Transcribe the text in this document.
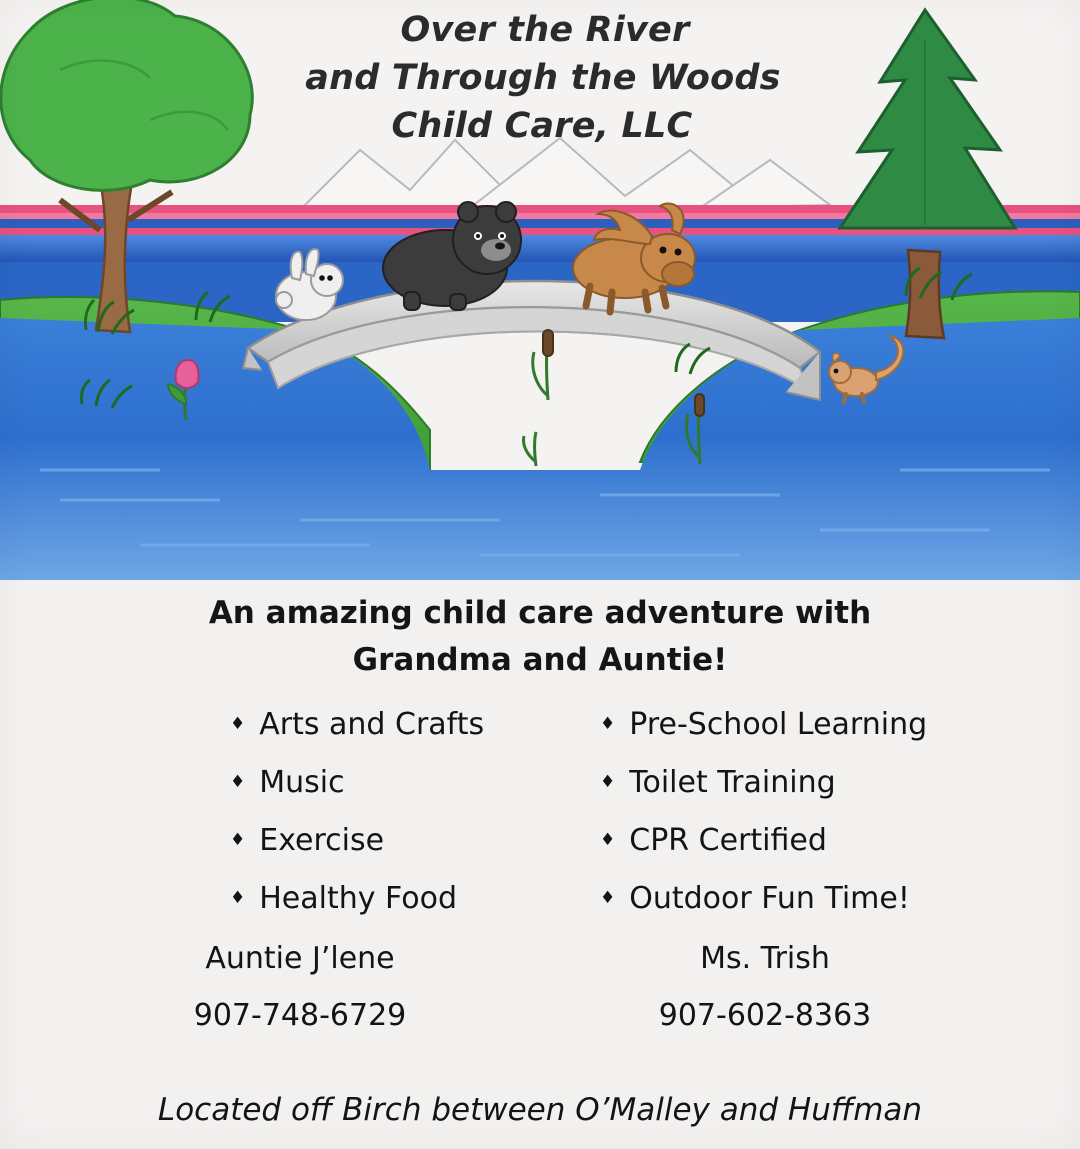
Over the River
and Through the Woods
Child Care, LLC
An amazing child care adventure with
Grandma and Auntie!
♦ Arts and Crafts
♦ Music
♦ Exercise
♦ Healthy Food
♦ Pre-School Learning
♦ Toilet Training
♦ CPR Certified
♦ Outdoor Fun Time!
Auntie J’lene
907-748-6729
Ms. Trish
907-602-8363
Located off Birch between O’Malley and Huffman
